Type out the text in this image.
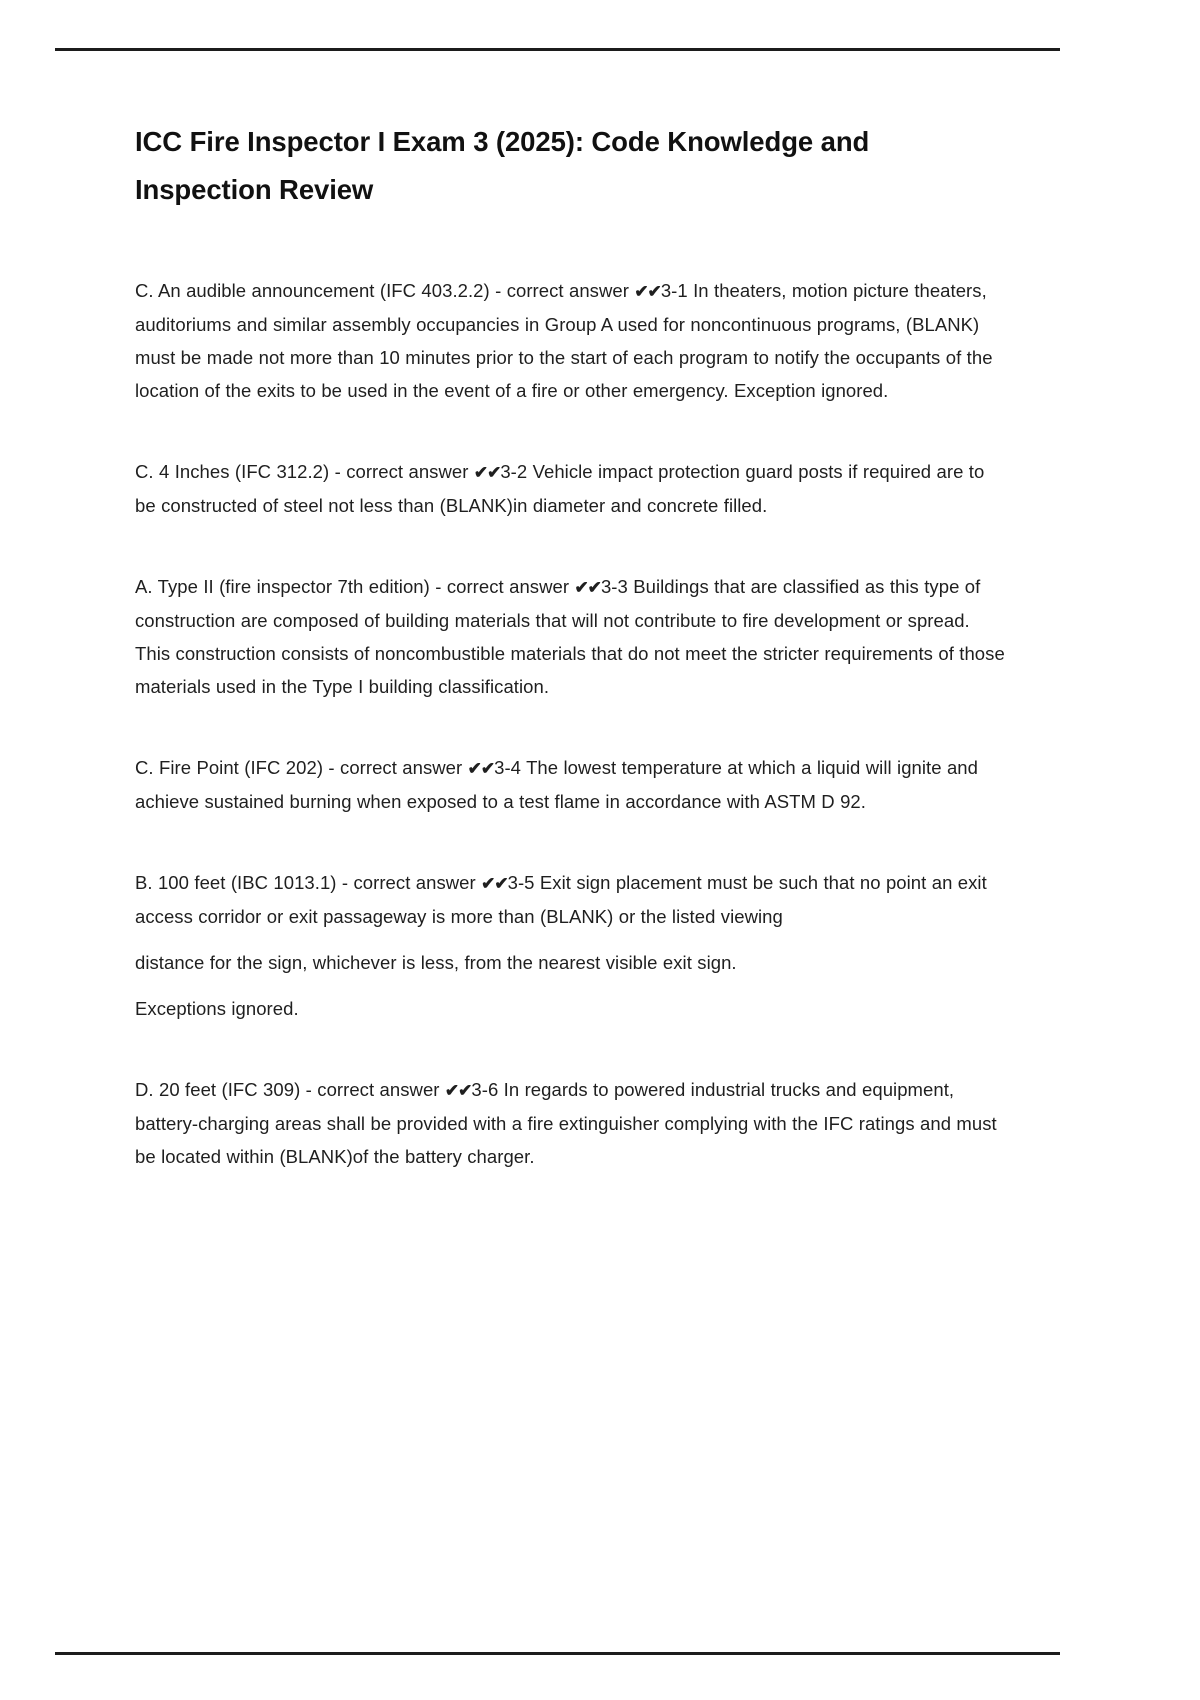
ICC Fire Inspector I Exam 3 (2025): Code Knowledge and Inspection Review

C. An audible announcement (IFC 403.2.2) - correct answer ✔✔3-1 In theaters, motion picture theaters, auditoriums and similar assembly occupancies in Group A used for noncontinuous programs, (BLANK) must be made not more than 10 minutes prior to the start of each program to notify the occupants of the location of the exits to be used in the event of a fire or other emergency. Exception ignored.

C. 4 Inches (IFC 312.2) - correct answer ✔✔3-2 Vehicle impact protection guard posts if required are to be constructed of steel not less than (BLANK)in diameter and concrete filled.

A. Type II (fire inspector 7th edition) - correct answer ✔✔3-3 Buildings that are classified as this type of construction are composed of building materials that will not contribute to fire development or spread. This construction consists of noncombustible materials that do not meet the stricter requirements of those materials used in the Type I building classification.

C. Fire Point (IFC 202) - correct answer ✔✔3-4 The lowest temperature at which a liquid will ignite and achieve sustained burning when exposed to a test flame in accordance with ASTM D 92.

B. 100 feet (IBC 1013.1) - correct answer ✔✔3-5 Exit sign placement must be such that no point an exit access corridor or exit passageway is more than (BLANK) or the listed viewing

distance for the sign, whichever is less, from the nearest visible exit sign.

Exceptions ignored.

D. 20 feet (IFC 309) - correct answer ✔✔3-6 In regards to powered industrial trucks and equipment, battery-charging areas shall be provided with a fire extinguisher complying with the IFC ratings and must be located within (BLANK)of the battery charger.
